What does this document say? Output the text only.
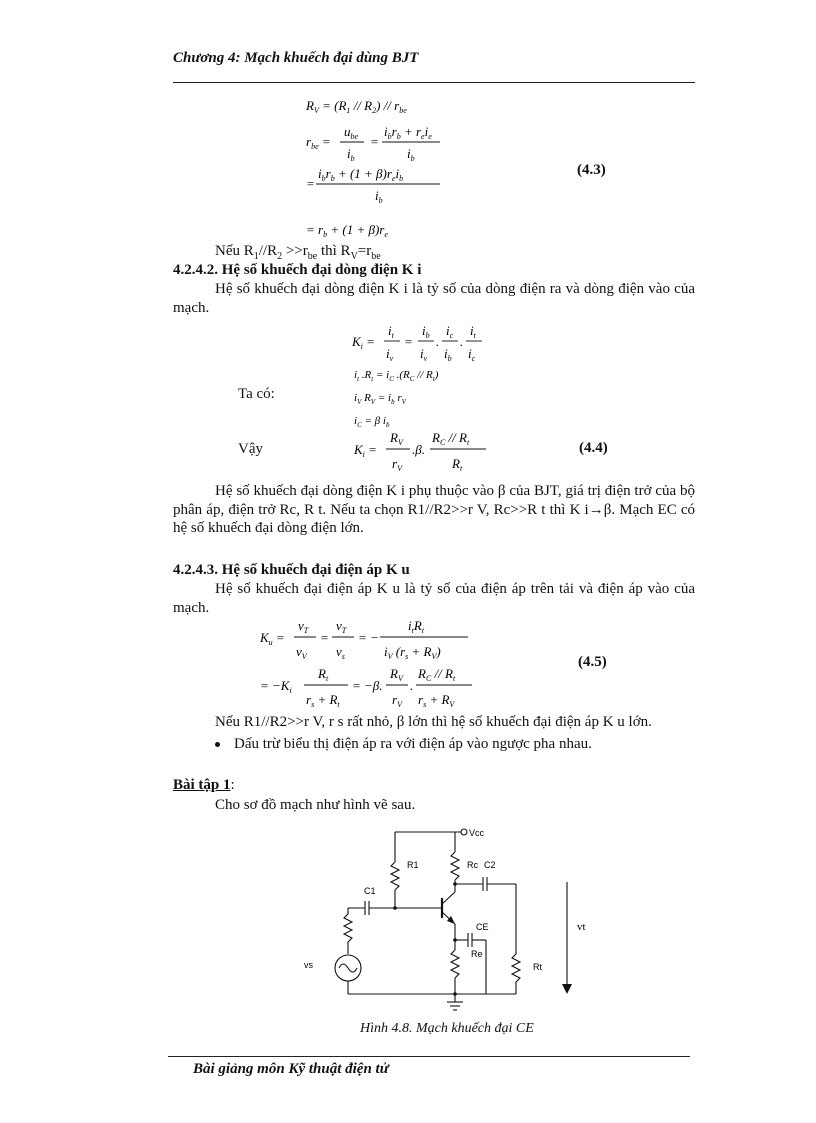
Chương 4: Mạch khuếch đại dùng BJT
$R_V = (R_1 // R_2) // r_{be}$
$r_{be}$ =
$u_{be}$
$i_b$
=
$i_br_b + r_ei_e$
$i_b$
=
$i_br_b + (1 + \beta)r_ei_b$
$i_b$
= $r_b + (1 + \beta)r_e$
(4.3)
Nếu $R_1//R_2 >>r_{be}$ thì $R_V=r_{be}$
4.2.4.2. Hệ số khuếch đại dòng điện K i
Hệ số khuếch đại dòng điện K i là tỷ số của dòng điện ra và dòng điện vào của mạch.
$K_i$ =
$i_t$
$i_v$
=
$i_b$
$i_v$
.
$i_c$
$i_b$
.
$i_t$
$i_c$
Ta có:
$i_t$ $.R_t = i_C$ $.(R_C // R_t)$
$i_V$ $R_V = i_b$ $r_V$
$i_C = \beta$ $i_b$
Vậy	$K_i$ =
$R_V$
$r_V$
.β.
$R_C // R_t$
$R_t$
(4.4)
Hệ số khuếch đại dòng điện K i phụ thuộc vào β của BJT, giá trị điện trở của bộ phân áp, điện trở Rc, R t. Nếu ta chọn R1//R2>>r V, Rc>>R t thì K i→β. Mạch EC có hệ số khuếch đại dòng điện lớn.
4.2.4.3. Hệ số khuếch đại điện áp K u
Hệ số khuếch đại điện áp K u là tỷ số của điện áp trên tải và điện áp vào của mạch.
$K_u$ =
$v_T$
$v_V$
=
$v_T$
$v_s$
= −
$i_tR_t$
$i_V$ $(r_s + R_V)$
= $-K_i$
$R_t$
$r_s + R_t$
= −β.
$R_V$
$r_V$
.
$R_C // R_t$
$r_s + R_V$
(4.5)
Nếu R1//R2>>r V, r s rất nhỏ, β lớn thì hệ số khuếch đại điện áp K u lớn.
Dấu trừ biểu thị điện áp ra với điện áp vào ngược pha nhau.
Bài tập 1:
Cho sơ đồ mạch như hình vẽ sau.
Vcc
R1	Rc C2
C1
CE
Re
Rt
vs
vt
Hình 4.8. Mạch khuếch đại CE
Bài giảng môn Kỹ thuật điện tử
